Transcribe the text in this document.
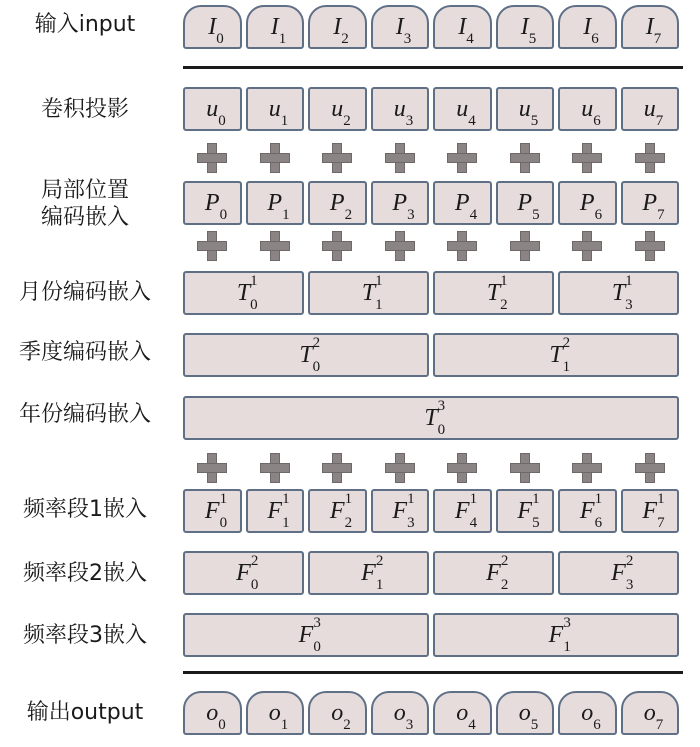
输入input
卷积投影
局部位置
编码嵌入
月份编码嵌入
季度编码嵌入
年份编码嵌入
频率段1嵌入
频率段2嵌入
频率段3嵌入
输出output
I 0 I 1 I 2 I 3 I 4 I 5 I 6 I 7
u 0 u 1 u 2 u 3 u 4 u 5 u 6 u 7
P 0 P 1 P 2 P 3 P 4 P 5 P 6 P 7
T 1
0	T 1
1	T 1
2	T 1
3
T 2
0	T 2
1
T 3
0
F 1
0 F 1
1 F 1
2 F 1
3 F 1
4 F 1
5 F 1
6 F 1
7
F 2
0	F 2
1	F 2
2	F 2
3
F 3
0	F 3
1
o 0 o 1 o 2 o 3 o 4 o 5 o 6 o 7
